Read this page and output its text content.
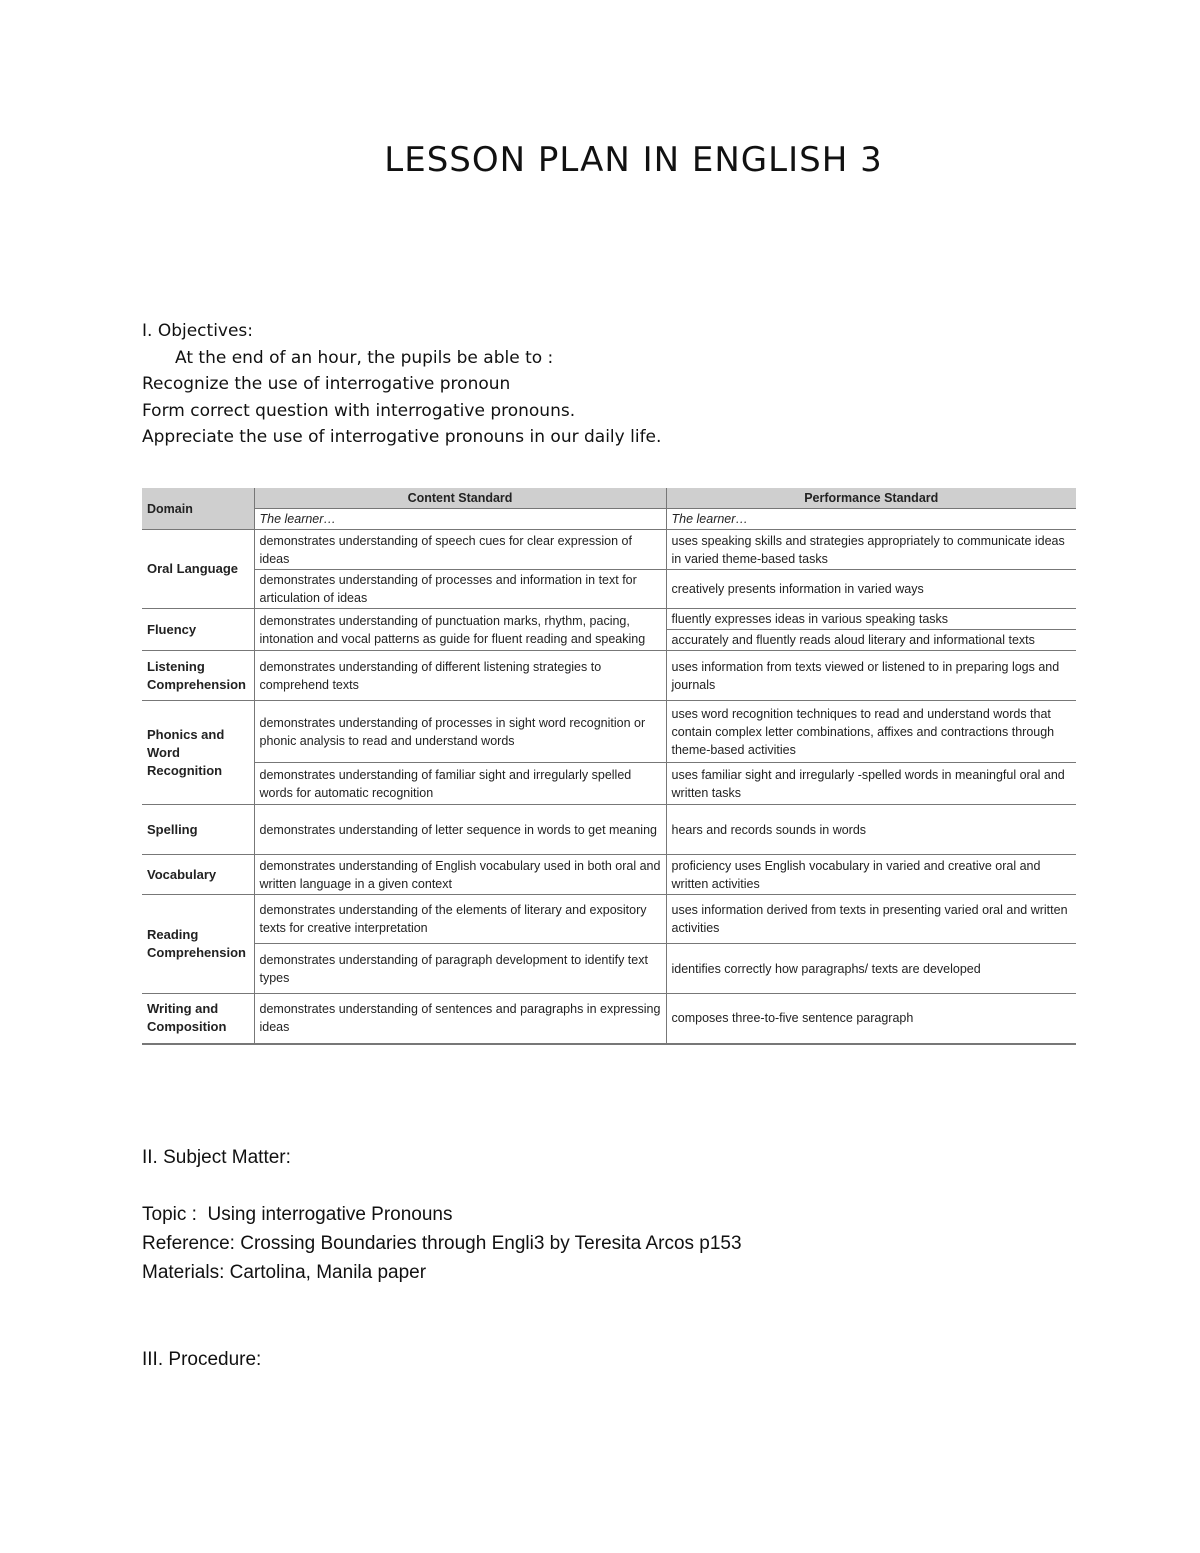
LESSON PLAN IN ENGLISH 3
I. Objectives:
At the end of an hour, the pupils be able to :
Recognize the use of interrogative pronoun
Form correct question with interrogative pronouns.
Appreciate the use of interrogative pronouns in our daily life.
Domain	Content Standard	Performance Standard
	The learner…	The learner…
Oral Language	demonstrates understanding of speech cues for clear expression of ideas	uses speaking skills and strategies appropriately to communicate ideas in varied theme-based tasks
	demonstrates understanding of processes and information in text for articulation of ideas	creatively presents information in varied ways
Fluency	demonstrates understanding of punctuation marks, rhythm, pacing, intonation and vocal patterns as guide for fluent reading and speaking	fluently expresses ideas in various speaking tasks
		accurately and fluently reads aloud literary and informational texts
Listening Comprehension	demonstrates understanding of different listening strategies to comprehend texts	uses information from texts viewed or listened to in preparing logs and journals
Phonics and Word Recognition	demonstrates understanding of processes in sight word recognition or phonic analysis to read and understand words	uses word recognition techniques to read and understand words that contain complex letter combinations, affixes and contractions through theme-based activities
	demonstrates understanding of familiar sight and irregularly spelled words for automatic recognition	uses familiar sight and irregularly -spelled words in meaningful oral and written tasks
Spelling	demonstrates understanding of letter sequence in words to get meaning	hears and records sounds in words
Vocabulary	demonstrates understanding of English vocabulary used in both oral and written language in a given context	proficiency uses English vocabulary in varied and creative oral and written activities
Reading Comprehension	demonstrates understanding of the elements of literary and expository texts for creative interpretation	uses information derived from texts in presenting varied oral and written activities
	demonstrates understanding of paragraph development to identify text types	identifies correctly how paragraphs/ texts are developed
Writing and Composition	demonstrates understanding of sentences and paragraphs in expressing ideas	composes three-to-five sentence paragraph
II. Subject Matter:
Topic :  Using interrogative Pronouns
Reference: Crossing Boundaries through Engli3 by Teresita Arcos p153
Materials: Cartolina, Manila paper
III. Procedure:
